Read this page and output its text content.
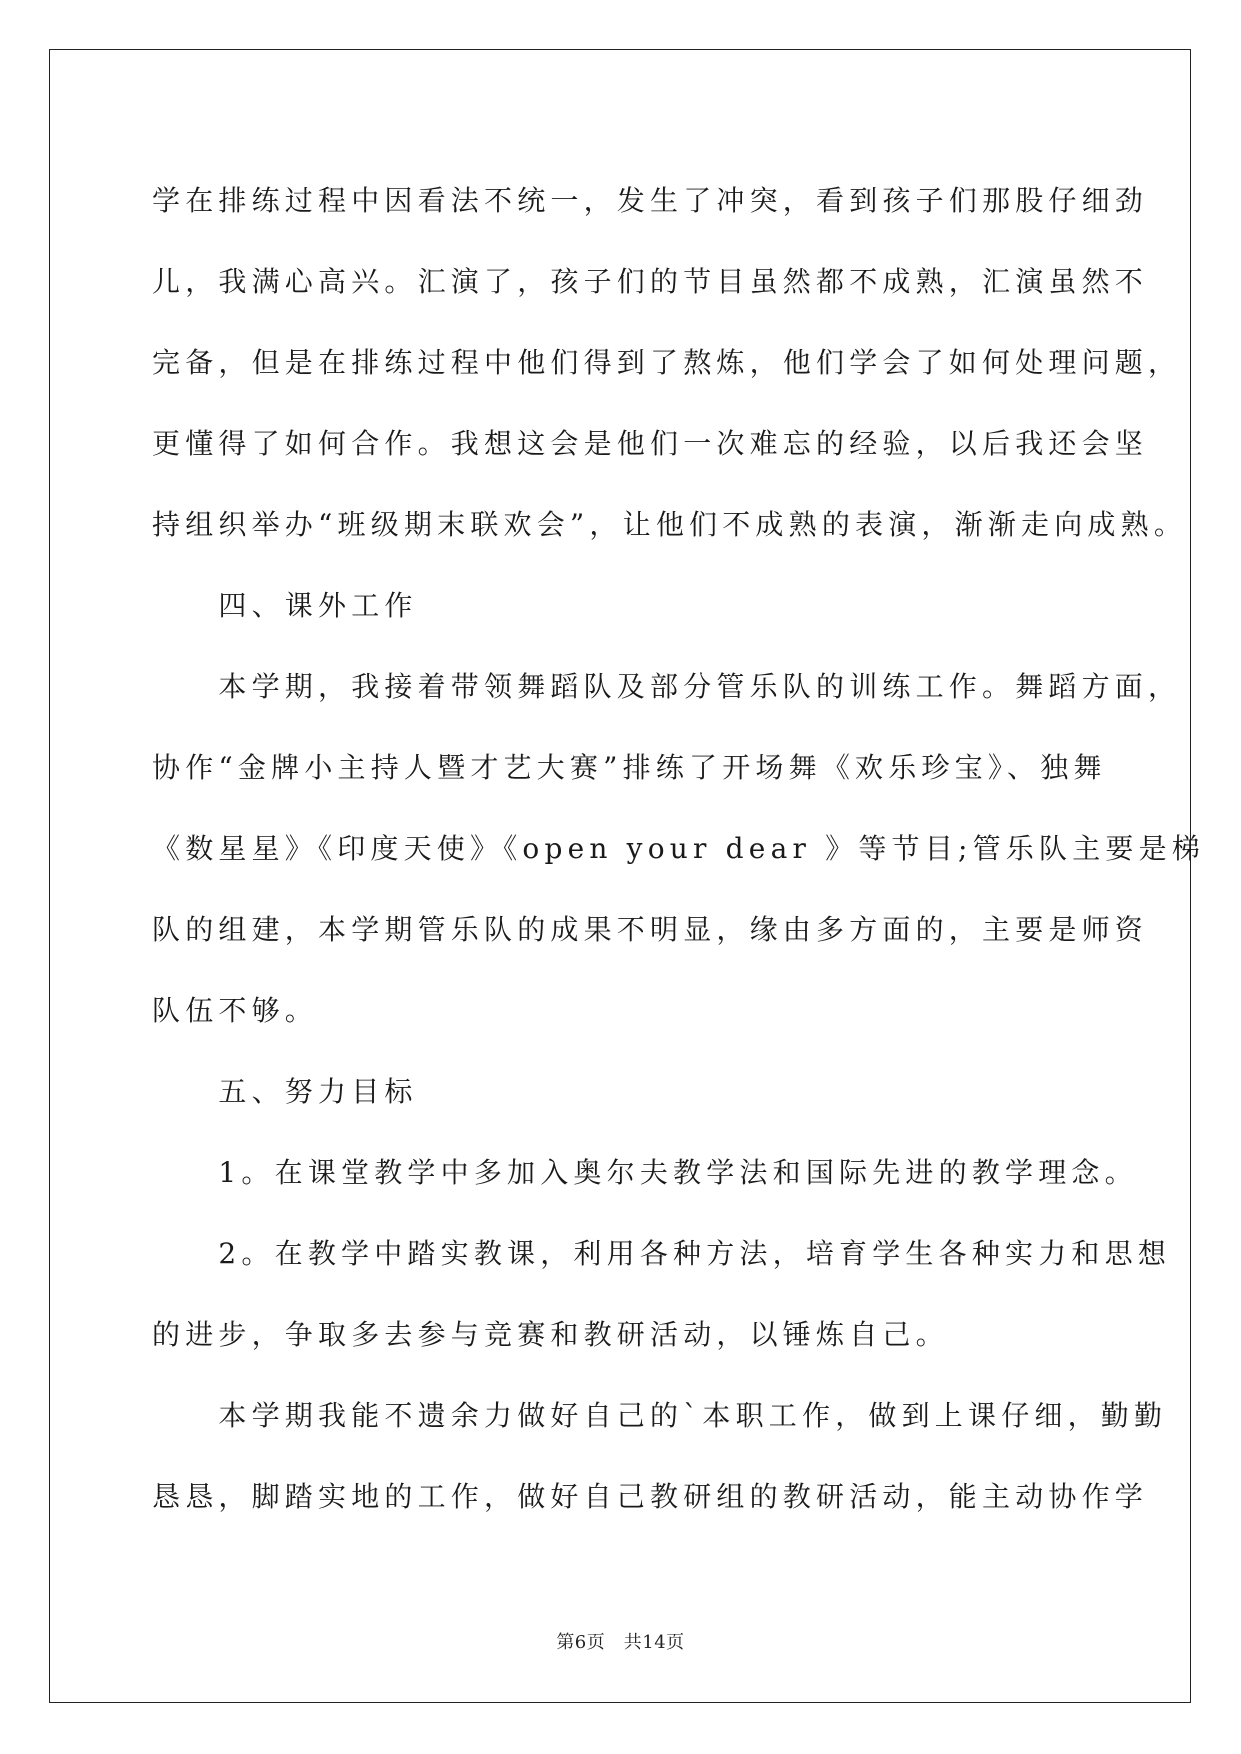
学在排练过程中因看法不统一，发生了冲突，看到孩子们那股仔细劲

儿，我满心高兴。汇演了，孩子们的节目虽然都不成熟，汇演虽然不

完备，但是在排练过程中他们得到了熬炼，他们学会了如何处理问题，

更懂得了如何合作。我想这会是他们一次难忘的经验，以后我还会坚

持组织举办“班级期末联欢会”，让他们不成熟的表演，渐渐走向成熟。

　　四、课外工作

　　本学期，我接着带领舞蹈队及部分管乐队的训练工作。舞蹈方面，

协作“金牌小主持人暨才艺大赛”排练了开场舞《欢乐珍宝》、独舞

《数星星》《印度天使》《open your dear 》等节目;管乐队主要是梯

队的组建，本学期管乐队的成果不明显，缘由多方面的，主要是师资

队伍不够。

　　五、努力目标

　　1。在课堂教学中多加入奥尔夫教学法和国际先进的教学理念。

　　2。在教学中踏实教课，利用各种方法，培育学生各种实力和思想

的进步，争取多去参与竞赛和教研活动，以锤炼自己。

　　本学期我能不遗余力做好自己的`本职工作，做到上课仔细，勤勤

恳恳，脚踏实地的工作，做好自己教研组的教研活动，能主动协作学

第6页　共14页
